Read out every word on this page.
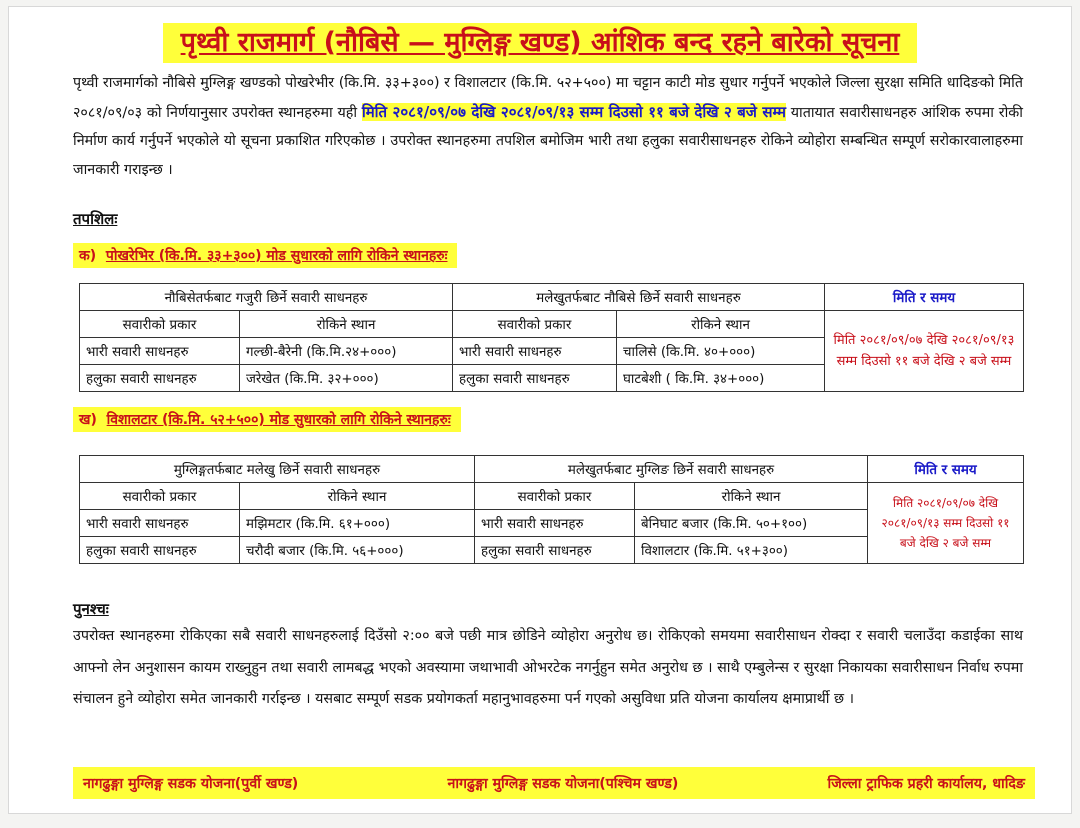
पृथ्वी राजमार्ग (नौबिसे — मुग्लिङ्ग खण्ड) आंशिक बन्द रहने बारेको सूचना
पृथ्वी राजमार्गको नौबिसे मुग्लिङ्ग खण्डको पोखरेभीर (कि.मि. ३३+३००) र विशालटार (कि.मि. ५२+५००) मा चट्टान काटी मोड सुधार गर्नुपर्ने भएकोले जिल्ला सुरक्षा समिति धादिङको मिति २०८१/०९/०३ को निर्णयानुसार उपरोक्त स्थानहरुमा यही मिति २०८१/०९/०७ देखि २०८१/०९/१३ सम्म दिउसो ११ बजे देखि २ बजे सम्म यातायात सवारीसाधनहरु आंशिक रुपमा रोकी निर्माण कार्य गर्नुपर्ने भएकोले यो सूचना प्रकाशित गरिएकोछ । उपरोक्त स्थानहरुमा तपशिल बमोजिम भारी तथा हलुका सवारीसाधनहरु रोकिने व्योहोरा सम्बन्धित सम्पूर्ण सरोकारवालाहरुमा जानकारी गराइन्छ ।
तपशिलः
क) पोखरेभिर (कि.मि. ३३+३००) मोड सुधारको लागि रोकिने स्थानहरुः
नौबिसेतर्फबाट गजुरी छिर्ने सवारी साधनहरु		मलेखुतर्फबाट नौबिसे छिर्ने सवारी साधनहरु		मिति र समय
सवारीको प्रकार	रोकिने स्थान	सवारीको प्रकार	रोकिने स्थान	मिति २०८१/०९/०७ देखि २०८१/०९/१३ सम्म दिउसो ११ बजे देखि २ बजे सम्म
भारी सवारी साधनहरु	गल्छी-बैरेनी (कि.मि.२४+०००)	भारी सवारी साधनहरु	चालिसे (कि.मि. ४०+०००)	
हलुका सवारी साधनहरु	जरेखेत (कि.मि. ३२+०००)	हलुका सवारी साधनहरु	घाटबेशी ( कि.मि. ३४+०००)	
ख) विशालटार (कि.मि. ५२+५००) मोड सुधारको लागि रोकिने स्थानहरुः
मुग्लिङ्गतर्फबाट मलेखु छिर्ने सवारी साधनहरु		मलेखुतर्फबाट मुग्लिङ छिर्ने सवारी साधनहरु		मिति र समय
सवारीको प्रकार	रोकिने स्थान	सवारीको प्रकार	रोकिने स्थान	मिति २०८१/०९/०७ देखि २०८१/०९/१३ सम्म दिउसो ११ बजे देखि २ बजे सम्म
भारी सवारी साधनहरु	मझिमटार (कि.मि. ६१+०००)	भारी सवारी साधनहरु	बेनिघाट बजार (कि.मि. ५०+१००)	
हलुका सवारी साधनहरु	चरौदी बजार (कि.मि. ५६+०००)	हलुका सवारी साधनहरु	विशालटार (कि.मि. ५१+३००)	
पुनश्चः
उपरोक्त स्थानहरुमा रोकिएका सबै सवारी साधनहरुलाई दिउँसो २:०० बजे पछी मात्र छोडिने व्योहोरा अनुरोध छ। रोकिएको समयमा सवारीसाधन रोक्दा र सवारी चलाउँदा कडाईका साथ आफ्नो लेन अनुशासन कायम राख्नुहुन तथा सवारी लामबद्ध भएको अवस्यामा जथाभावी ओभरटेक नगर्नुहुन समेत अनुरोध छ । साथै एम्बुलेन्स र सुरक्षा निकायका सवारीसाधन निर्वाध रुपमा संचालन हुने व्योहोरा समेत जानकारी गर्राइन्छ । यसबाट सम्पूर्ण सडक प्रयोगकर्ता महानुभावहरुमा पर्न गएको असुविधा प्रति योजना कार्यालय क्षमाप्रार्थी छ ।
नागढुङ्गा मुग्लिङ्ग सडक योजना(पुर्वी खण्ड)	नागढुङ्गा मुग्लिङ्ग सडक योजना(पश्चिम खण्ड)	जिल्ला ट्राफिक प्रहरी कार्यालय, धादिङ
